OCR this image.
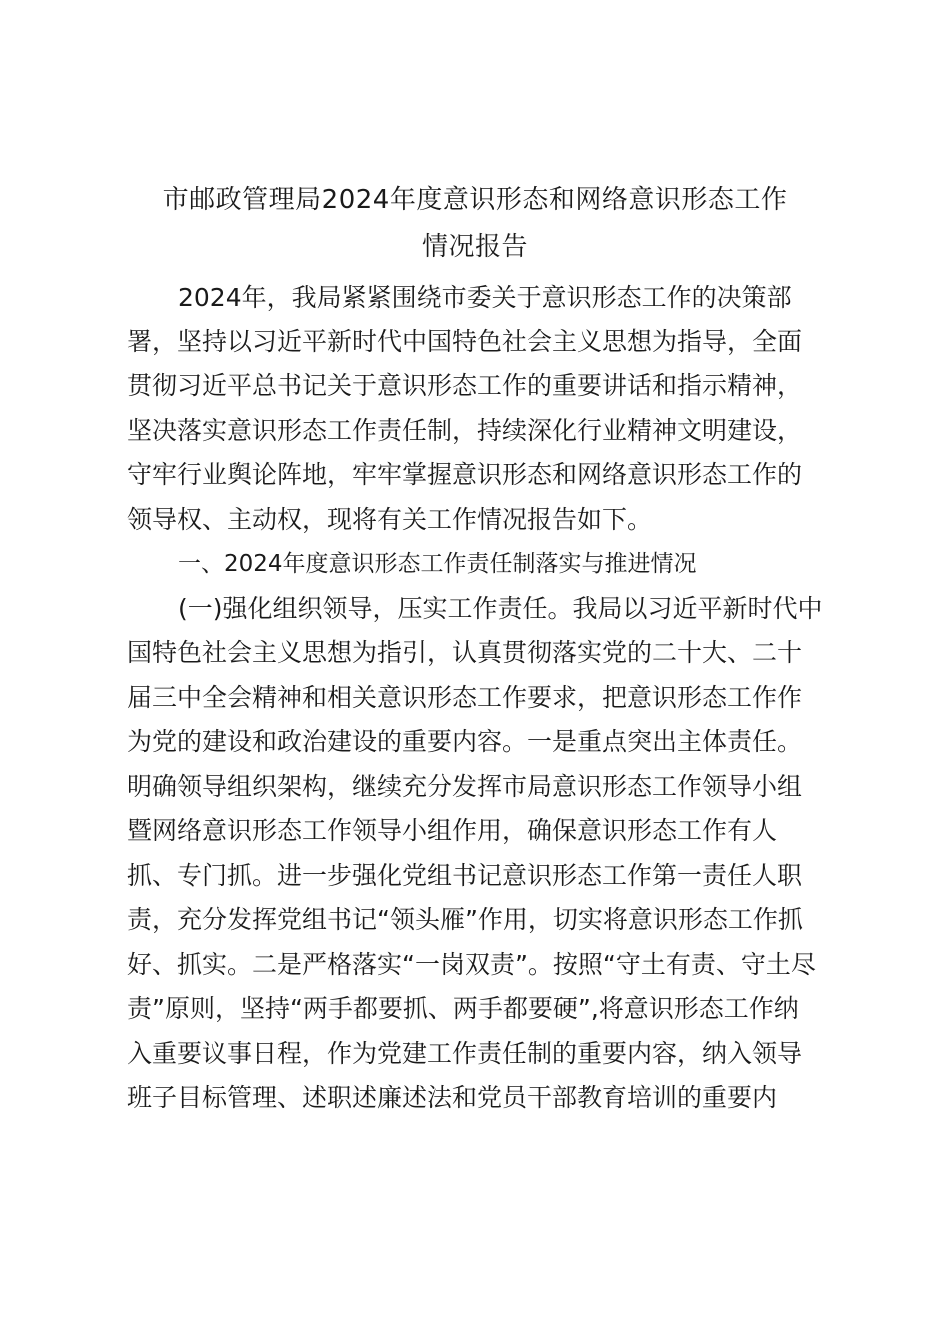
市邮政管理局2024年度意识形态和网络意识形态工作
情况报告
2024年，我局紧紧围绕市委关于意识形态工作的决策部
署，坚持以习近平新时代中国特色社会主义思想为指导，全面
贯彻习近平总书记关于意识形态工作的重要讲话和指示精神，
坚决落实意识形态工作责任制，持续深化行业精神文明建设，
守牢行业舆论阵地，牢牢掌握意识形态和网络意识形态工作的
领导权、主动权，现将有关工作情况报告如下。
一、2024年度意识形态工作责任制落实与推进情况
(一)强化组织领导，压实工作责任。我局以习近平新时代中
国特色社会主义思想为指引，认真贯彻落实党的二十大、二十
届三中全会精神和相关意识形态工作要求，把意识形态工作作
为党的建设和政治建设的重要内容。一是重点突出主体责任。
明确领导组织架构，继续充分发挥市局意识形态工作领导小组
暨网络意识形态工作领导小组作用，确保意识形态工作有人
抓、专门抓。进一步强化党组书记意识形态工作第一责任人职
责，充分发挥党组书记“领头雁”作用，切实将意识形态工作抓
好、抓实。二是严格落实“一岗双责”。按照“守土有责、守土尽
责”原则，坚持“两手都要抓、两手都要硬”,将意识形态工作纳
入重要议事日程，作为党建工作责任制的重要内容，纳入领导
班子目标管理、述职述廉述法和党员干部教育培训的重要内
